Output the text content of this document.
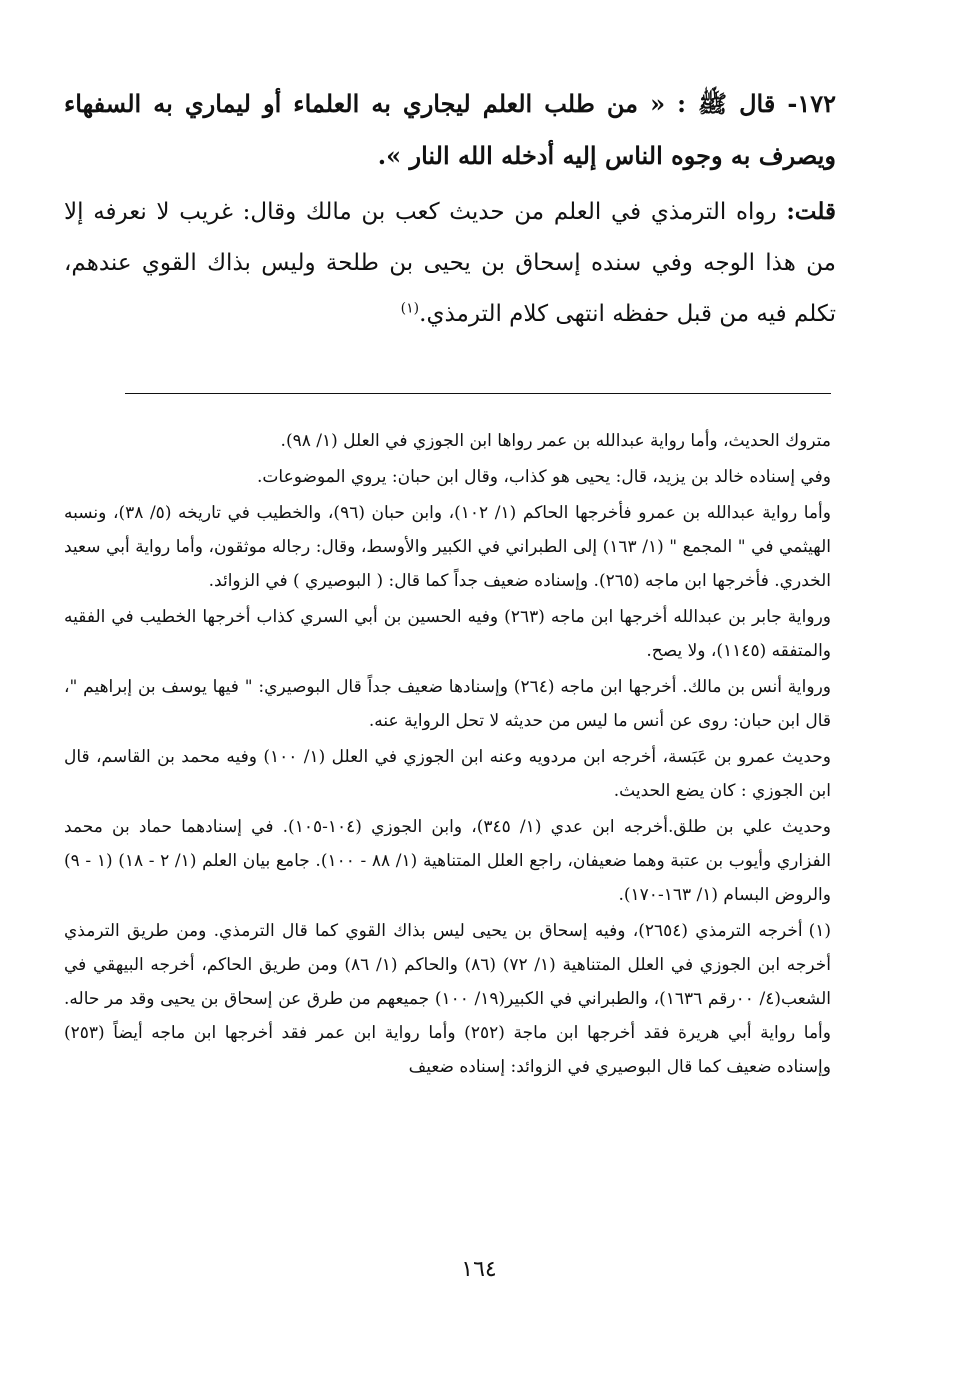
١٧٢- قال ﷺ : « من طلب العلم ليجاري به العلماء أو ليماري به السفهاء ويصرف به وجوه الناس إليه أدخله الله النار ».

قلت: رواه الترمذي في العلم من حديث كعب بن مالك وقال: غريب لا نعرفه إلا من هذا الوجه وفي سنده إسحاق بن يحيى بن طلحة وليس بذاك القوي عندهم، تكلم فيه من قبل حفظه انتهى كلام الترمذي.$^{(١)}$

متروك الحديث، وأما رواية عبدالله بن عمر رواها ابن الجوزي في العلل (١/ ٩٨).

وفي إسناده خالد بن يزيد، قال: يحيى هو كذاب، وقال ابن حبان: يروي الموضوعات.

وأما رواية عبدالله بن عمرو فأخرجها الحاكم (١/ ١٠٢)، وابن حبان (٩٦)، والخطيب في تاريخه (٥/ ٣٨)، ونسبه الهيثمي في " المجمع " (١/ ١٦٣) إلى الطبراني في الكبير والأوسط، وقال: رجاله موثقون، وأما رواية أبي سعيد الخدري. فأخرجها ابن ماجه (٢٦٥). وإسناده ضعيف جداً كما قال: ( البوصيري ) في الزوائد.

ورواية جابر بن عبدالله أخرجها ابن ماجه (٢٦٣) وفيه الحسين بن أبي السري كذاب أخرجها الخطيب في الفقيه والمتفقه (١١٤٥)، ولا يصح.

ورواية أنس بن مالك. أخرجها ابن ماجه (٢٦٤) وإسنادها ضعيف جداً قال البوصيري: " فيها يوسف بن إبراهيم "، قال ابن حبان: روى عن أنس ما ليس من حديثه لا تحل الرواية عنه.

وحديث عمرو بن عَبَسة، أخرجه ابن مردويه وعنه ابن الجوزي في العلل (١/ ١٠٠) وفيه محمد بن القاسم، قال ابن الجوزي : كان يضع الحديث.

وحديث علي بن طلق.أخرجه ابن عدي (١/ ٣٤٥)، وابن الجوزي (١٠٤-١٠٥). في إسنادهما حماد بن محمد الفزاري وأيوب بن عتبة وهما ضعيفان، راجع العلل المتناهية (١/ ٨٨ - ١٠٠). جامع بيان العلم (١/ ٢ - ١٨) (١ - ٩) والروض البسام (١/ ١٦٣-١٧٠).

(١)أخرجه الترمذي (٢٦٥٤)، وفيه إسحاق بن يحيى ليس بذاك القوي كما قال الترمذي. ومن طريق الترمذي أخرجه ابن الجوزي في العلل المتناهية (١/ ٧٢) (٨٦) والحاكم (١/ ٨٦) ومن طريق الحاكم، أخرجه البيهقي في الشعب(٤/ ٠٠رقم ١٦٣٦)، والطبراني في الكبير(١٩/ ١٠٠) جميعهم من طرق عن إسحاق بن يحيى وقد مر حاله. وأما رواية أبي هريرة فقد أخرجها ابن ماجة (٢٥٢) وأما رواية ابن عمر فقد أخرجها ابن ماجه أيضاً (٢٥٣) وإسناده ضعيف كما قال البوصيري في الزوائد: إسناده ضعيف

١٦٤
